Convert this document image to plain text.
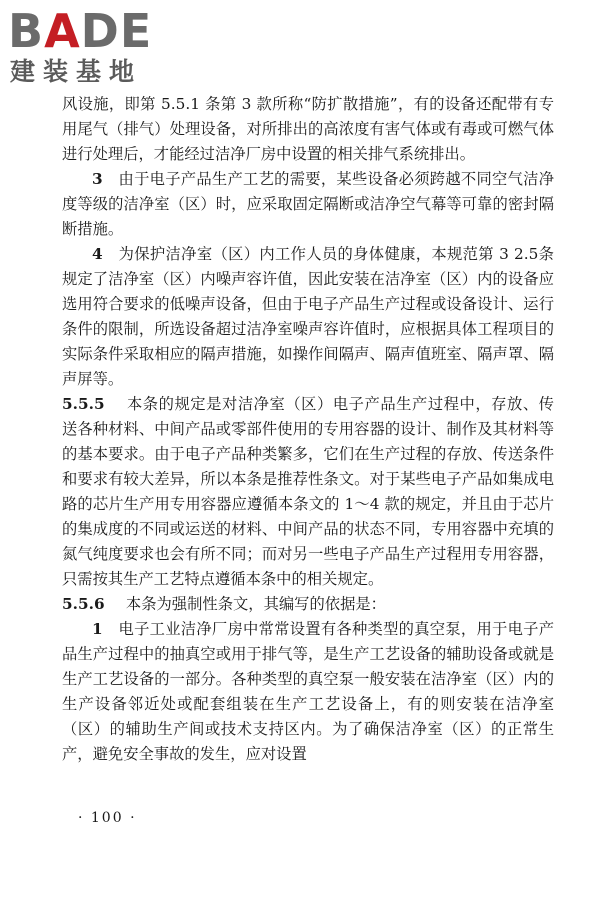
BADE
建装基地

风设施，即第 5.5.1 条第 3 款所称“防扩散措施”，有的设备还配带有专用尾气（排气）处理设备，对所排出的高浓度有害气体或有毒或可燃气体进行处理后，才能经过洁净厂房中设置的相关排气系统排出。

3　 由于电子产品生产工艺的需要，某些设备必须跨越不同空气洁净度等级的洁净室（区）时，应采取固定隔断或洁净空气幕等可靠的密封隔断措施。

4　 为保护洁净室（区）内工作人员的身体健康，本规范第 3 2.5条规定了洁净室（区）内噪声容许值，因此安装在洁净室（区）内的设备应选用符合要求的低噪声设备，但由于电子产品生产过程或设备设计、运行条件的限制，所选设备超过洁净室噪声容许值时，应根据具体工程项目的实际条件采取相应的隔声措施，如操作间隔声、隔声值班室、隔声罩、隔声屏等。

5.5.5　 本条的规定是对洁净室（区）电子产品生产过程中，存放、传送各种材料、中间产品或零部件使用的专用容器的设计、制作及其材料等的基本要求。由于电子产品种类繁多，它们在生产过程的存放、传送条件和要求有较大差异，所以本条是推荐性条文。对于某些电子产品如集成电路的芯片生产用专用容器应遵循本条文的 1～4 款的规定，并且由于芯片的集成度的不同或运送的材料、中间产品的状态不同，专用容器中充填的氮气纯度要求也会有所不同；而对另一些电子产品生产过程用专用容器，只需按其生产工艺特点遵循本条中的相关规定。

5.5.6　 本条为强制性条文，其编写的依据是：

1　 电子工业洁净厂房中常常设置有各种类型的真空泵，用于电子产品生产过程中的抽真空或用于排气等，是生产工艺设备的辅助设备或就是生产工艺设备的一部分。各种类型的真空泵一般安装在洁净室（区）内的生产设备邻近处或配套组装在生产工艺设备上，有的则安装在洁净室（区）的辅助生产间或技术支持区内。为了确保洁净室（区）的正常生产，避免安全事故的发生，应对设置

· 100 ·
